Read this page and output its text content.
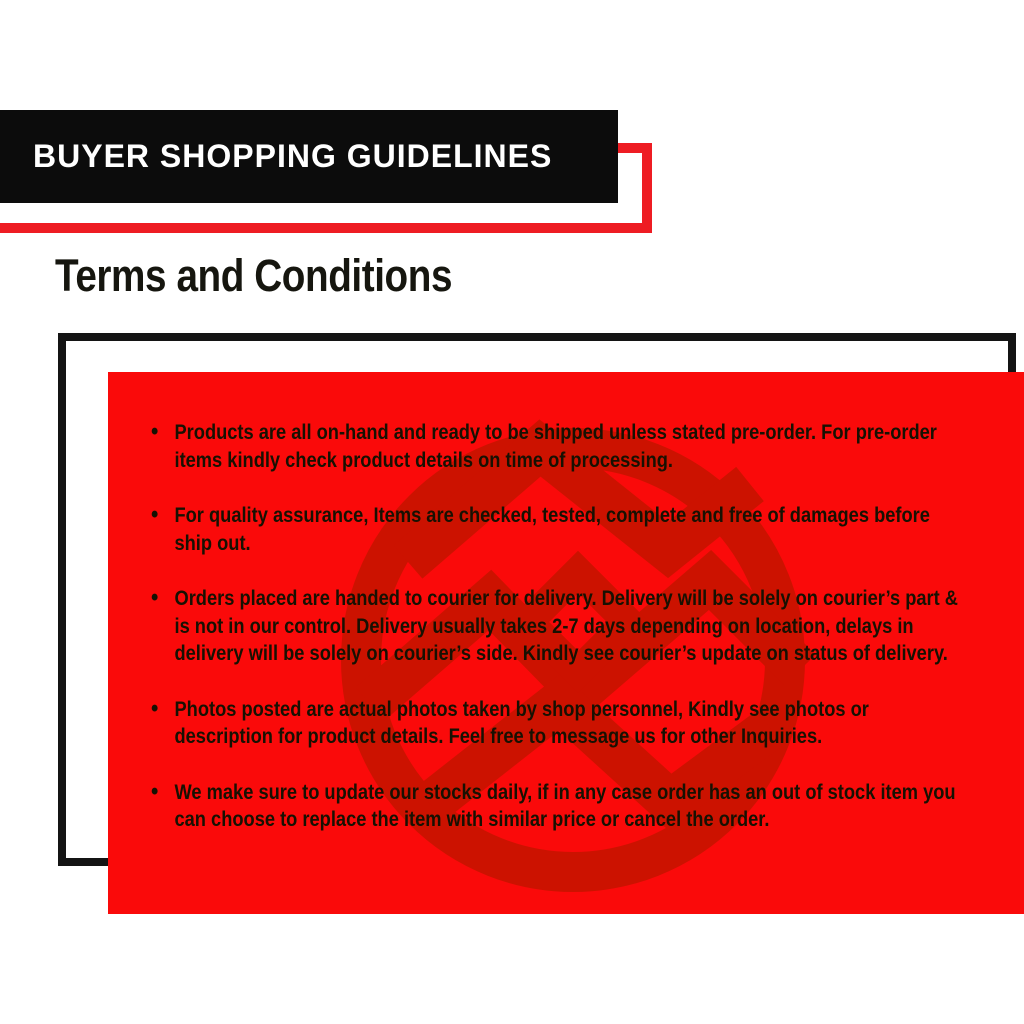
BUYER SHOPPING GUIDELINES
Terms and Conditions
• Products are all on-hand and ready to be shipped unless stated pre-order. For pre-order items kindly check product details on time of processing.
• For quality assurance, Items are checked, tested, complete and free of damages before ship out.
• Orders placed are handed to courier for delivery. Delivery will be solely on courier’s part & is not in our control. Delivery usually takes 2-7 days depending on location, delays in delivery will be solely on courier’s side. Kindly see courier’s update on status of delivery.
• Photos posted are actual photos taken by shop personnel, Kindly see photos or description for product details. Feel free to message us for other Inquiries.
• We make sure to update our stocks daily, if in any case order has an out of stock item you can choose to replace the item with similar price or cancel the order.
